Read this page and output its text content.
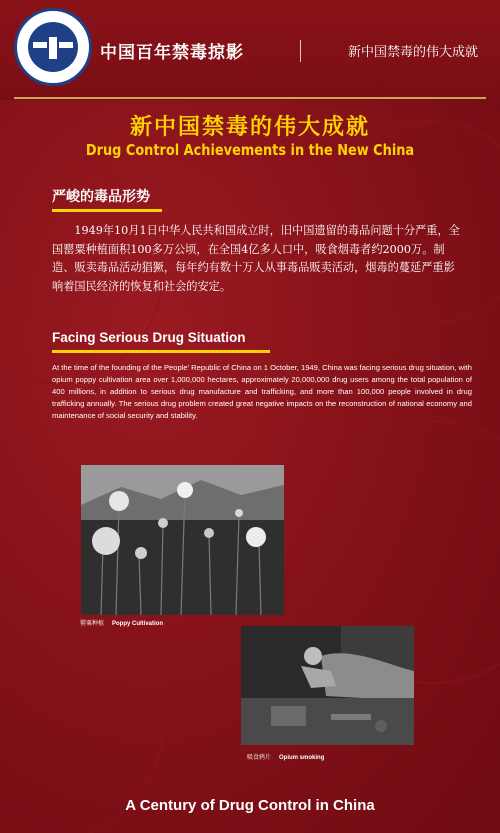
中国百年禁毒掠影	新中国禁毒的伟大成就
新中国禁毒的伟大成就
Drug Control Achievements in the New China
严峻的毒品形势
1949年10月1日中华人民共和国成立时，旧中国遗留的毒品问题十分严重，全国罂粟种植面积100多万公顷，在全国4亿多人口中，吸食烟毒者约2000万。制造、贩卖毒品活动猖獗，每年约有数十万人从事毒品贩卖活动，烟毒的蔓延严重影响着国民经济的恢复和社会的安定。
Facing Serious Drug Situation
At the time of the founding of the People' Republic of China on 1 October, 1949, China was facing serious drug situation, with opium poppy cultivation area over 1,000,000 hectares, approximately 20,000,000 drug users among the total population of 400 millions, in addition to serious drug manufacture and trafficking, and more than 100,000 people involved in drug trafficking annually. The serious drug problem created great negative impacts on the reconstruction of national economy and maintenance of social security and stability.
罂粟种植 Poppy Cultivation
吸食鸦片 Opium smoking
A Century of Drug Control in China
